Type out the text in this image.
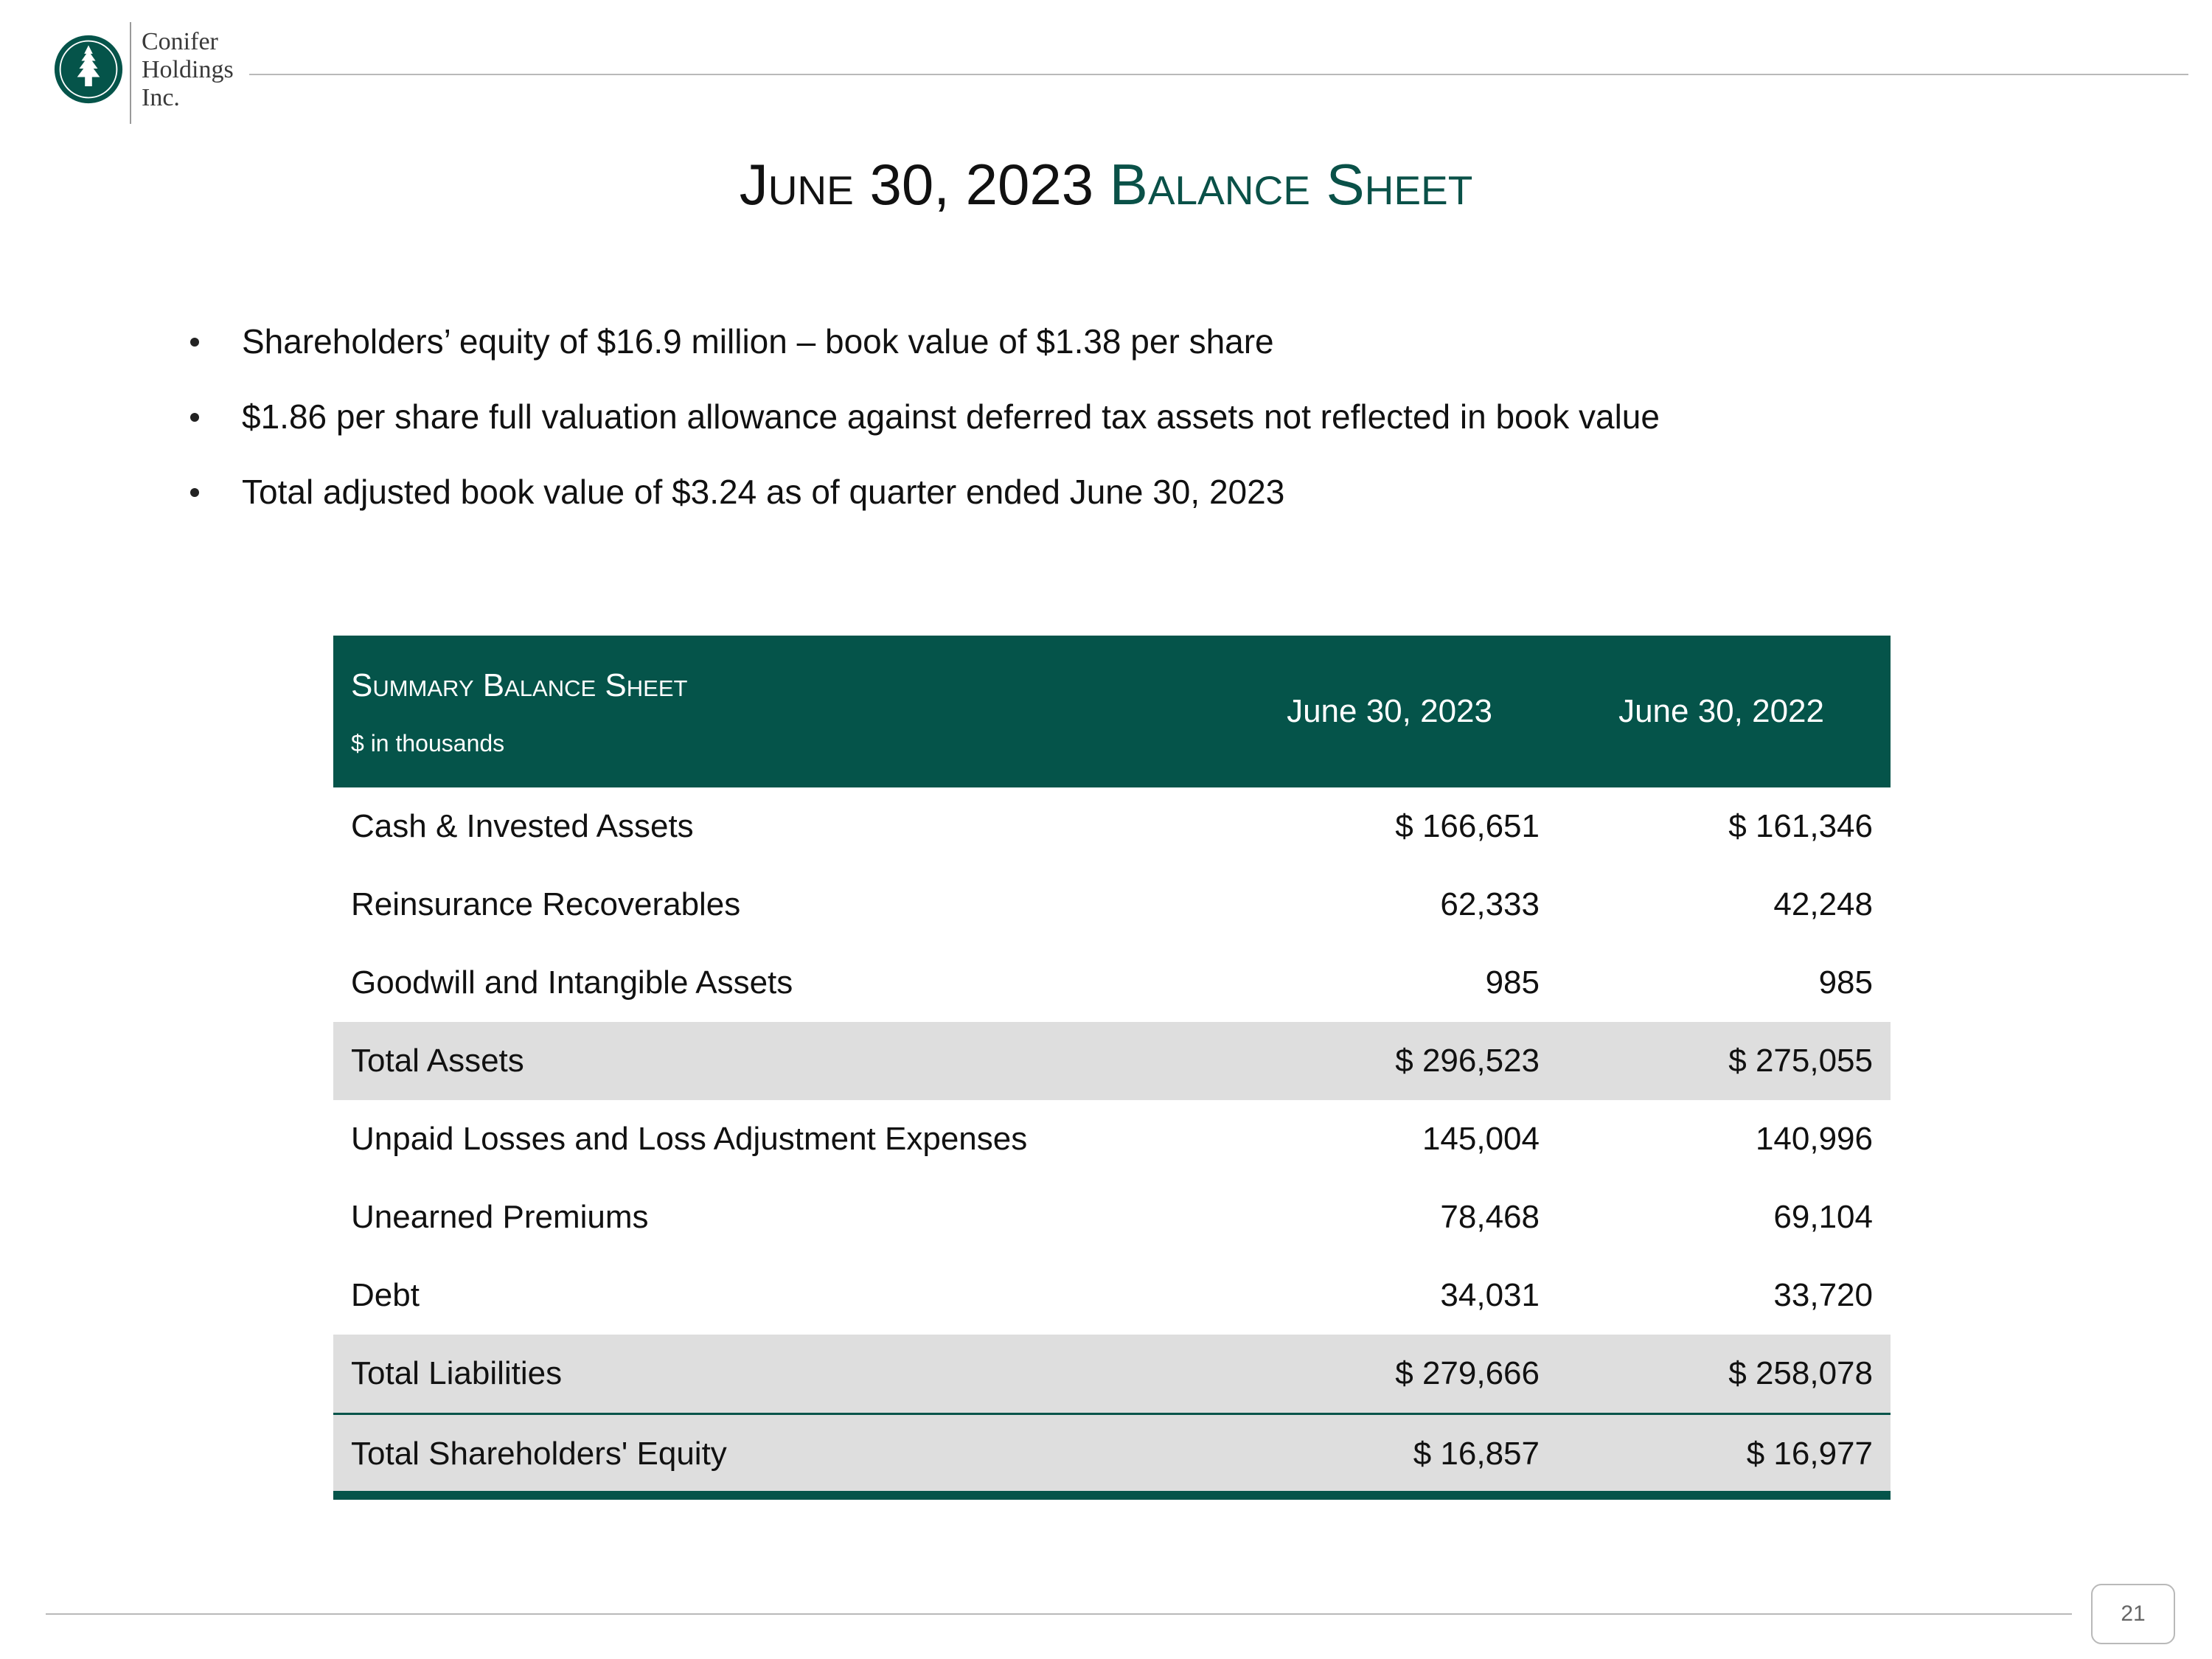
Conifer
Holdings
Inc.
June 30, 2023 Balance Sheet
Shareholders’ equity of $16.9 million – book value of $1.38 per share
$1.86 per share full valuation allowance against deferred tax assets not reflected in book value
Total adjusted book value of $3.24 as of quarter ended June 30, 2023
Summary Balance Sheet
$ in thousands
June 30, 2023	June 30, 2022
Cash & Invested Assets	$ 166,651	$ 161,346
Reinsurance Recoverables	62,333	42,248
Goodwill and Intangible Assets	985	985
Total Assets	$ 296,523	$ 275,055
Unpaid Losses and Loss Adjustment Expenses	145,004	140,996
Unearned Premiums	78,468	69,104
Debt	34,031	33,720
Total Liabilities	$ 279,666	$ 258,078
Total Shareholders' Equity	$ 16,857	$ 16,977
21
